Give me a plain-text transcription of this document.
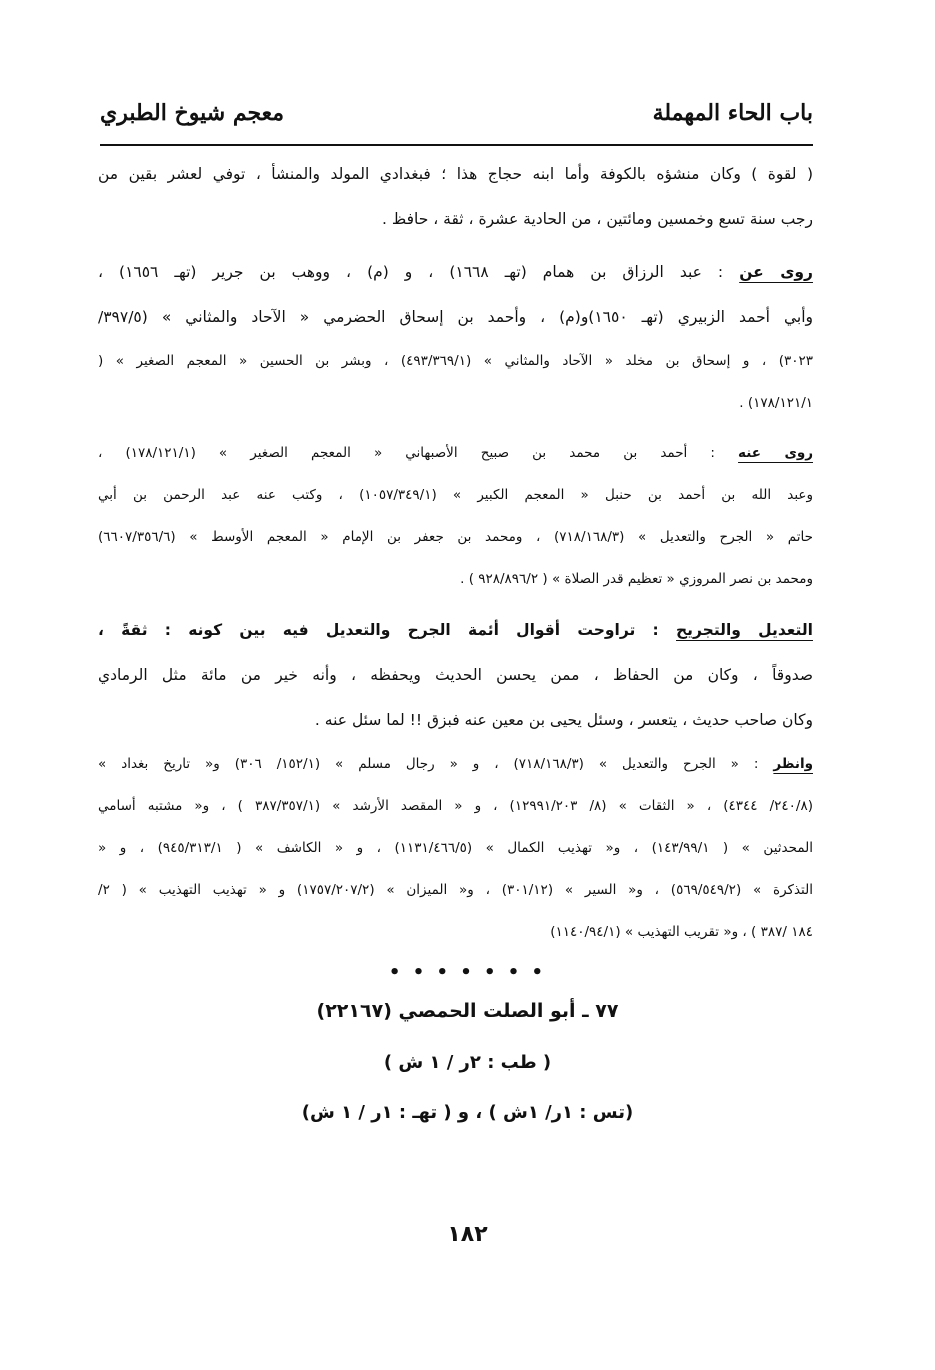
باب الحاء المهملة
معجم شيوخ الطبري
( لقوة ) وكان منشؤه بالكوفة وأما ابنه حجاج هذا ؛ فبغدادي المولد والمنشأ ، توفي لعشر بقين من
رجب سنة تسع وخمسين ومائتين ، من الحادية عشرة ، ثقة ، حافظ .
روى عن : عبد الرزاق بن همام (تهـ ١٦٦٨) ، و (م) ، ووهب بن جرير (تهـ ١٦٥٦) ،
وأبي أحمد الزبيري (تهـ ١٦٥٠)و(م) ، وأحمد بن إسحاق الحضرمي « الآحاد والمثاني » (٣٩٧/٥/
٣٠٢٣) ، و إسحاق بن مخلد « الآحاد والمثاني » (٤٩٣/٣٦٩/١) ، وبشر بن الحسين « المعجم الصغير » (
١٧٨/١٢١/١) .
روى عنه : أحمد بن محمد بن صبيح الأصبهاني « المعجم الصغير » (١٧٨/١٢١/١) ،
وعبد الله بن أحمد بن حنبل « المعجم الكبير » (١٠٥٧/٣٤٩/١) ، وكتب عنه عبد الرحمن بن أبي
حاتم « الجرح والتعديل » (٧١٨/١٦٨/٣) ، ومحمد بن جعفر بن الإمام « المعجم الأوسط » (٦٦٠٧/٣٥٦/٦)
ومحمد بن نصر المروزي « تعظيم قدر الصلاة » ( ٩٢٨/٨٩٦/٢ ) .
التعديل والتجريح : تراوحت أقوال أئمة الجرح والتعديل فيه بين كونه : ثقةً ،
صدوقاً ، وكان من الحفاظ ، ممن يحسن الحديث ويحفظه ، وأنه خير من مائة مثل الرمادي
وكان صاحب حديث ، يتعسر ، وسئل يحيى بن معين عنه فبزق !! لما سئل عنه .
وانظر : « الجرح والتعديل » (٧١٨/١٦٨/٣) ، و « رجال مسلم » (١٥٢/١/ ٣٠٦) و« تاريخ بغداد »
(٢٤٠/٨/ ٤٣٤٤) ، « الثقات » (٨/ ١٢٩٩١/٢٠٣) ، و « المقصد الأرشد » (٣٨٧/٣٥٧/١ ) ، و« مشتبه أسامي
المحدثين » ( ١٤٣/٩٩/١) ، و« تهذيب الكمال » (١١٣١/٤٦٦/٥) ، و « الكاشف » ( ٩٤٥/٣١٣/١) ، و «
التذكرة » (٥٦٩/٥٤٩/٢) ، و« السير » (٣٠١/١٢) ، و« الميزان » (١٧٥٧/٢٠٧/٢) و « تهذيب التهذيب » ( ٢/
١٨٤ /٣٨٧ ) ، و« تقريب التهذيب » (١١٤٠/٩٤/١)
• • • • • • •
٧٧ ـ أبو الصلت الحمصي (٢٢١٦٧)
( طب : ٢ر / ١ ش )
(تس : ١ر/ ١ش ) ، و ( تهـ : ١ر / ١ ش)
١٨٢
